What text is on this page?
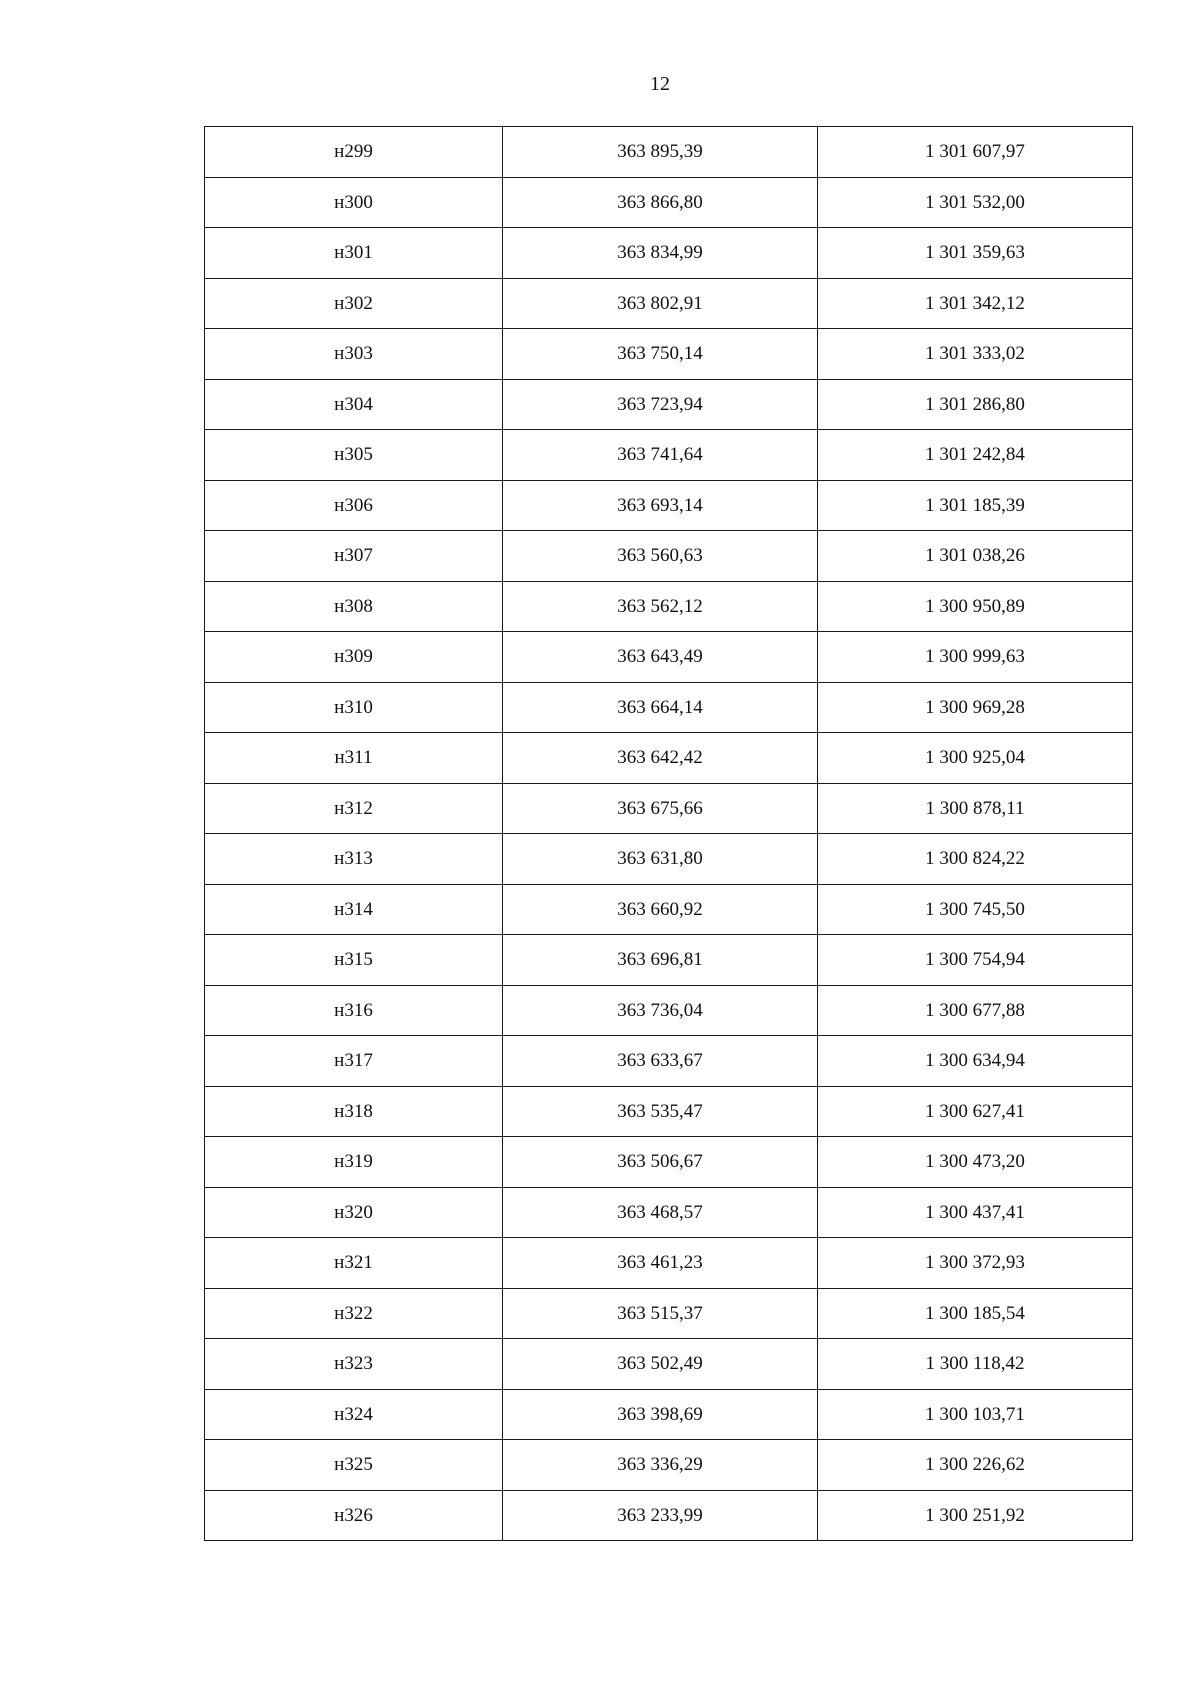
12
н299	363 895,39	1 301 607,97
н300	363 866,80	1 301 532,00
н301	363 834,99	1 301 359,63
н302	363 802,91	1 301 342,12
н303	363 750,14	1 301 333,02
н304	363 723,94	1 301 286,80
н305	363 741,64	1 301 242,84
н306	363 693,14	1 301 185,39
н307	363 560,63	1 301 038,26
н308	363 562,12	1 300 950,89
н309	363 643,49	1 300 999,63
н310	363 664,14	1 300 969,28
н311	363 642,42	1 300 925,04
н312	363 675,66	1 300 878,11
н313	363 631,80	1 300 824,22
н314	363 660,92	1 300 745,50
н315	363 696,81	1 300 754,94
н316	363 736,04	1 300 677,88
н317	363 633,67	1 300 634,94
н318	363 535,47	1 300 627,41
н319	363 506,67	1 300 473,20
н320	363 468,57	1 300 437,41
н321	363 461,23	1 300 372,93
н322	363 515,37	1 300 185,54
н323	363 502,49	1 300 118,42
н324	363 398,69	1 300 103,71
н325	363 336,29	1 300 226,62
н326	363 233,99	1 300 251,92
